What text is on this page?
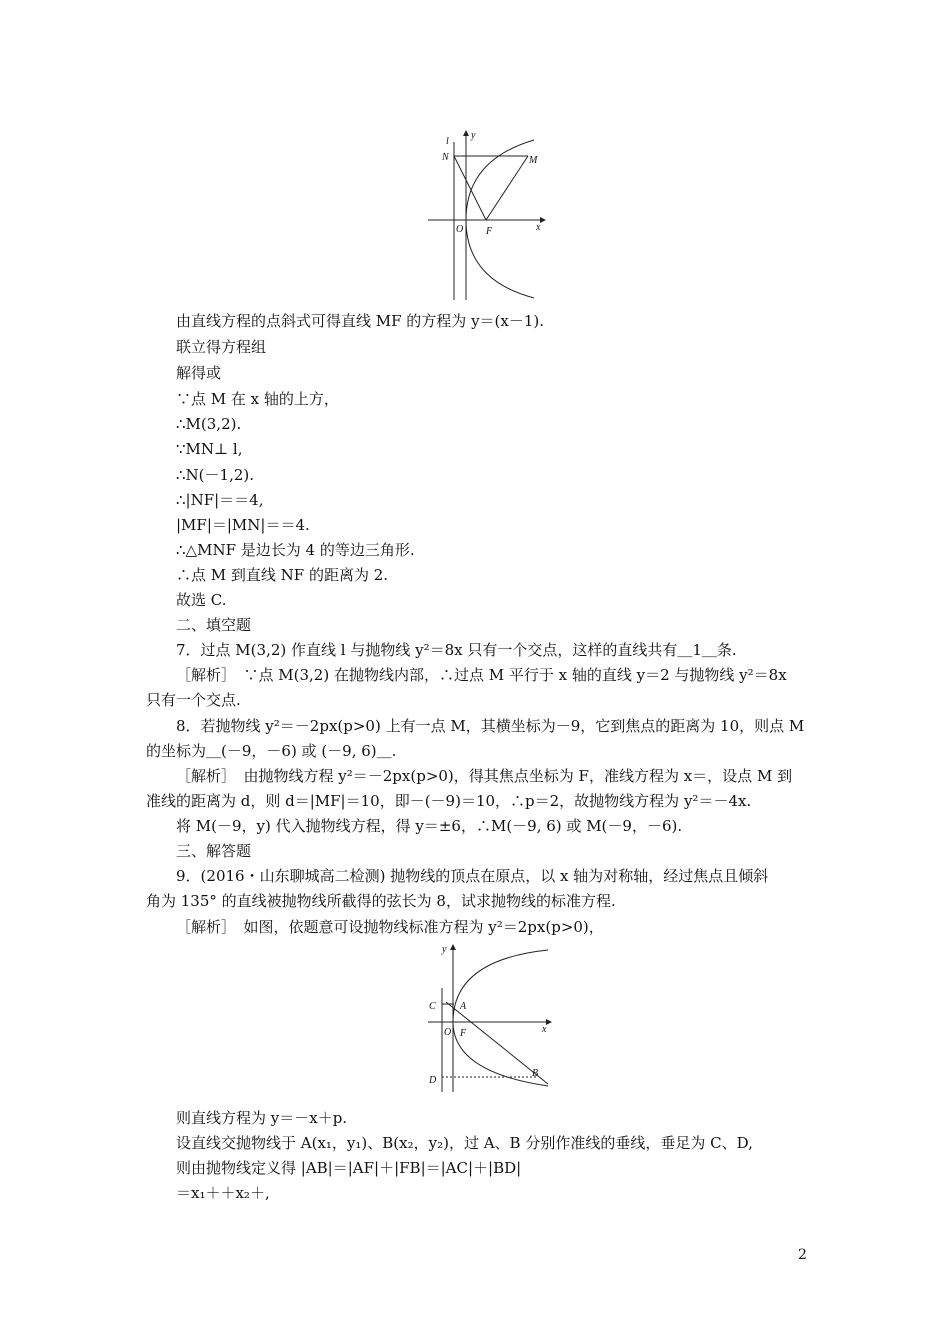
l
y
N	M
O F	x
由直线方程的点斜式可得直线 MF 的方程为 y＝(x－1).
联立得方程组
解得或
∵点 M 在 x 轴的上方，
∴M(3,2).
∵MN⊥ l,
∴N(－1,2).
∴|NF|＝＝4,
|MF|＝|MN|＝＝4.
∴△MNF 是边长为 4 的等边三角形.
∴点 M 到直线 NF 的距离为 2.
故选 C.
二、填空题
7．过点 M(3,2) 作直线 l 与抛物线 y²＝8x 只有一个交点，这样的直线共有＿1＿条.
［解析］　∵点 M(3,2) 在抛物线内部，∴过点 M 平行于 x 轴的直线 y＝2 与抛物线 y²＝8x
只有一个交点.
8．若抛物线 y²＝－2px(p>0) 上有一点 M，其横坐标为－9，它到焦点的距离为 10，则点 M
的坐标为＿(－9，－6) 或 (－9, 6)＿.
［解析］　由抛物线方程 y²＝－2px(p>0)，得其焦点坐标为 F，准线方程为 x＝，设点 M 到
准线的距离为 d，则 d＝|MF|＝10，即－(－9)＝10，∴p＝2，故抛物线方程为 y²＝－4x.
将 M(－9，y) 代入抛物线方程，得 y＝±6，∴M(－9, 6) 或 M(－9，－6).
三、解答题
9．(2016・山东聊城高二检测) 抛物线的顶点在原点，以 x 轴为对称轴，经过焦点且倾斜
角为 135° 的直线被抛物线所截得的弦长为 8，试求抛物线的标准方程.
［解析］　如图，依题意可设抛物线标准方程为 y²＝2px(p>0)，
y
C A
O F	x
D
B
则直线方程为 y＝－x＋p.
设直线交抛物线于 A(x₁，y₁)、B(x₂，y₂)，过 A、B 分别作准线的垂线，垂足为 C、D,
则由抛物线定义得 |AB|＝|AF|＋|FB|＝|AC|＋|BD|
＝x₁＋＋x₂＋,
2
